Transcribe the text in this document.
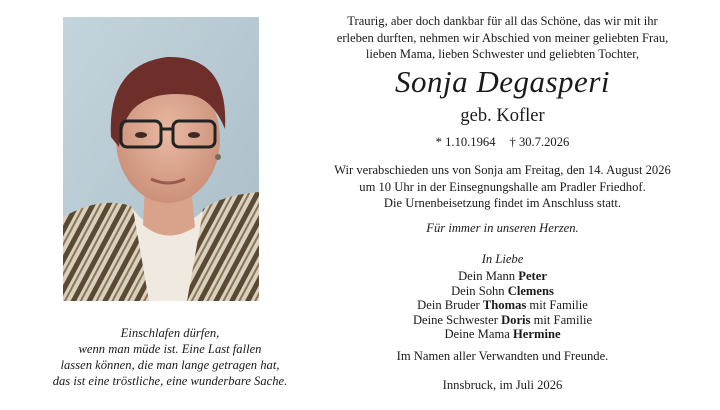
Einschlafen dürfen,
wenn man müde ist. Eine Last fallen
lassen können, die man lange getragen hat,
das ist eine tröstliche, eine wunderbare Sache.
Traurig, aber doch dankbar für all das Schöne, das wir mit ihr
erleben durften, nehmen wir Abschied von meiner geliebten Frau,
lieben Mama, lieben Schwester und geliebten Tochter,
Sonja Degasperi
geb. Kofler
* 1.10.1964 † 30.7.2026
Wir verabschieden uns von Sonja am Freitag, den 14. August 2026
um 10 Uhr in der Einsegnungshalle am Pradler Friedhof.
Die Urnenbeisetzung findet im Anschluss statt.
Für immer in unseren Herzen.
In Liebe
Dein Mann Peter
Dein Sohn Clemens
Dein Bruder Thomas mit Familie
Deine Schwester Doris mit Familie
Deine Mama Hermine
Im Namen aller Verwandten und Freunde.
Innsbruck, im Juli 2026
